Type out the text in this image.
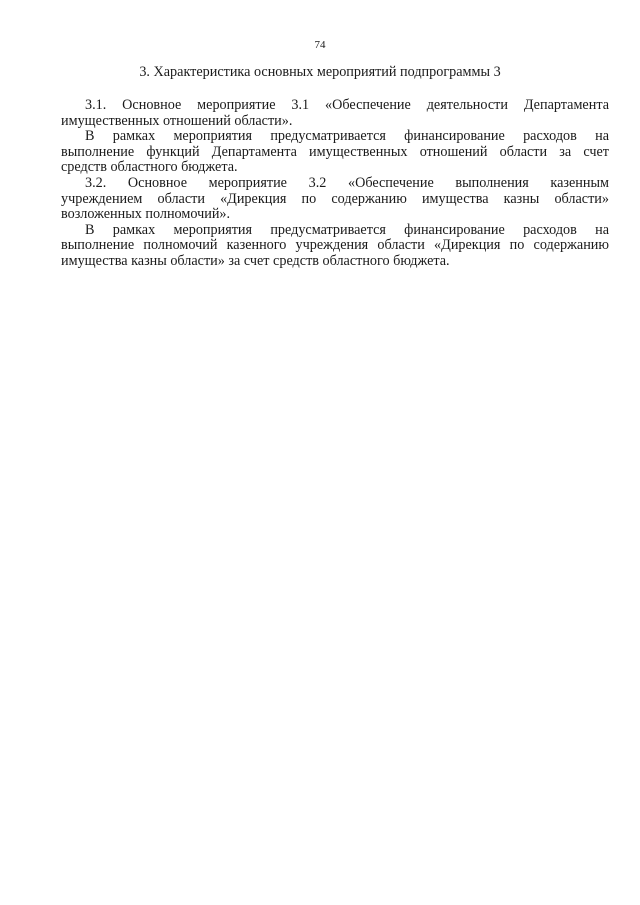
74
3. Характеристика основных мероприятий подпрограммы 3
3.1. Основное мероприятие 3.1 «Обеспечение деятельности Департамента
имущественных отношений области».
В рамках мероприятия предусматривается финансирование расходов на
выполнение функций Департамента имущественных отношений области за счет
средств областного бюджета.
3.2. Основное мероприятие 3.2 «Обеспечение выполнения казенным
учреждением области «Дирекция по содержанию имущества казны области»
возложенных полномочий».
В рамках мероприятия предусматривается финансирование расходов на
выполнение полномочий казенного учреждения области «Дирекция по содержанию
имущества казны области» за счет средств областного бюджета.
